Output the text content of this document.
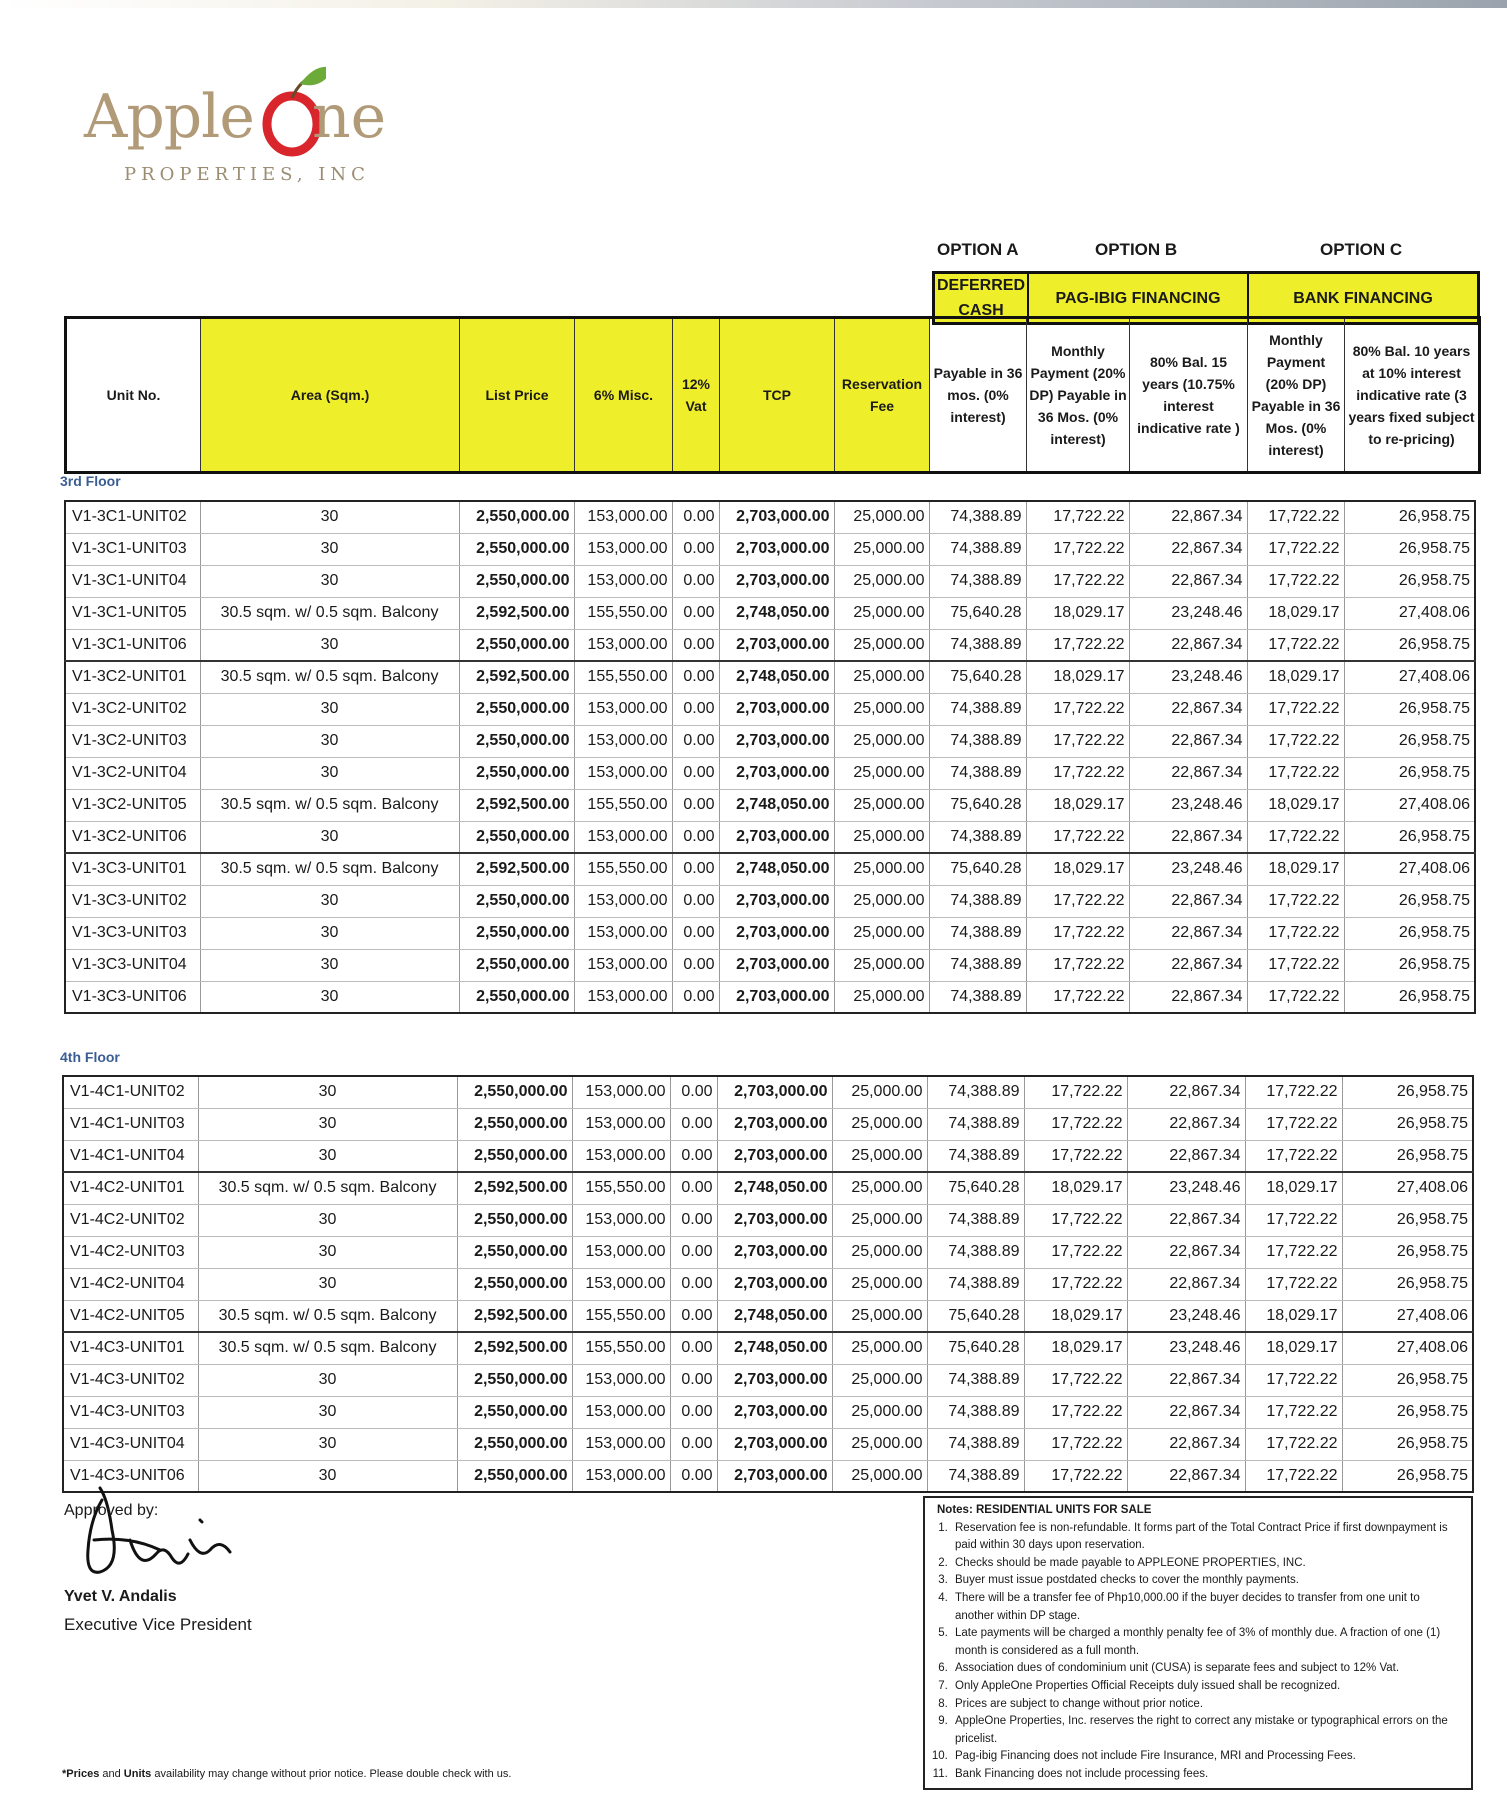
Apple ne
PROPERTIES, INC
OPTION A	OPTION B	OPTION C
DEFERRED CASH
PAG-IBIG FINANCING	BANK FINANCING
Unit No.	Area (Sqm.)	List Price	6% Misc.	12% Vat	TCP	Reservation Fee	Payable in 36 mos. (0% interest)	Monthly Payment (20% DP) Payable in 36 Mos. (0% interest)	80% Bal. 15 years (10.75% interest indicative rate )	Monthly Payment (20% DP) Payable in 36 Mos. (0% interest)	80% Bal. 10 years at 10% interest indicative rate (3 years fixed subject to re-pricing)
3rd Floor
V1-3C1-UNIT02	30	2,550,000.00	153,000.00	0.00	2,703,000.00	25,000.00	74,388.89	17,722.22	22,867.34	17,722.22	26,958.75
V1-3C1-UNIT03	30	2,550,000.00	153,000.00	0.00	2,703,000.00	25,000.00	74,388.89	17,722.22	22,867.34	17,722.22	26,958.75
V1-3C1-UNIT04	30	2,550,000.00	153,000.00	0.00	2,703,000.00	25,000.00	74,388.89	17,722.22	22,867.34	17,722.22	26,958.75
V1-3C1-UNIT05	30.5 sqm. w/ 0.5 sqm. Balcony	2,592,500.00	155,550.00	0.00	2,748,050.00	25,000.00	75,640.28	18,029.17	23,248.46	18,029.17	27,408.06
V1-3C1-UNIT06	30	2,550,000.00	153,000.00	0.00	2,703,000.00	25,000.00	74,388.89	17,722.22	22,867.34	17,722.22	26,958.75
V1-3C2-UNIT01	30.5 sqm. w/ 0.5 sqm. Balcony	2,592,500.00	155,550.00	0.00	2,748,050.00	25,000.00	75,640.28	18,029.17	23,248.46	18,029.17	27,408.06
V1-3C2-UNIT02	30	2,550,000.00	153,000.00	0.00	2,703,000.00	25,000.00	74,388.89	17,722.22	22,867.34	17,722.22	26,958.75
V1-3C2-UNIT03	30	2,550,000.00	153,000.00	0.00	2,703,000.00	25,000.00	74,388.89	17,722.22	22,867.34	17,722.22	26,958.75
V1-3C2-UNIT04	30	2,550,000.00	153,000.00	0.00	2,703,000.00	25,000.00	74,388.89	17,722.22	22,867.34	17,722.22	26,958.75
V1-3C2-UNIT05	30.5 sqm. w/ 0.5 sqm. Balcony	2,592,500.00	155,550.00	0.00	2,748,050.00	25,000.00	75,640.28	18,029.17	23,248.46	18,029.17	27,408.06
V1-3C2-UNIT06	30	2,550,000.00	153,000.00	0.00	2,703,000.00	25,000.00	74,388.89	17,722.22	22,867.34	17,722.22	26,958.75
V1-3C3-UNIT01	30.5 sqm. w/ 0.5 sqm. Balcony	2,592,500.00	155,550.00	0.00	2,748,050.00	25,000.00	75,640.28	18,029.17	23,248.46	18,029.17	27,408.06
V1-3C3-UNIT02	30	2,550,000.00	153,000.00	0.00	2,703,000.00	25,000.00	74,388.89	17,722.22	22,867.34	17,722.22	26,958.75
V1-3C3-UNIT03	30	2,550,000.00	153,000.00	0.00	2,703,000.00	25,000.00	74,388.89	17,722.22	22,867.34	17,722.22	26,958.75
V1-3C3-UNIT04	30	2,550,000.00	153,000.00	0.00	2,703,000.00	25,000.00	74,388.89	17,722.22	22,867.34	17,722.22	26,958.75
V1-3C3-UNIT06	30	2,550,000.00	153,000.00	0.00	2,703,000.00	25,000.00	74,388.89	17,722.22	22,867.34	17,722.22	26,958.75
4th Floor
V1-4C1-UNIT02	30	2,550,000.00	153,000.00	0.00	2,703,000.00	25,000.00	74,388.89	17,722.22	22,867.34	17,722.22	26,958.75
V1-4C1-UNIT03	30	2,550,000.00	153,000.00	0.00	2,703,000.00	25,000.00	74,388.89	17,722.22	22,867.34	17,722.22	26,958.75
V1-4C1-UNIT04	30	2,550,000.00	153,000.00	0.00	2,703,000.00	25,000.00	74,388.89	17,722.22	22,867.34	17,722.22	26,958.75
V1-4C2-UNIT01	30.5 sqm. w/ 0.5 sqm. Balcony	2,592,500.00	155,550.00	0.00	2,748,050.00	25,000.00	75,640.28	18,029.17	23,248.46	18,029.17	27,408.06
V1-4C2-UNIT02	30	2,550,000.00	153,000.00	0.00	2,703,000.00	25,000.00	74,388.89	17,722.22	22,867.34	17,722.22	26,958.75
V1-4C2-UNIT03	30	2,550,000.00	153,000.00	0.00	2,703,000.00	25,000.00	74,388.89	17,722.22	22,867.34	17,722.22	26,958.75
V1-4C2-UNIT04	30	2,550,000.00	153,000.00	0.00	2,703,000.00	25,000.00	74,388.89	17,722.22	22,867.34	17,722.22	26,958.75
V1-4C2-UNIT05	30.5 sqm. w/ 0.5 sqm. Balcony	2,592,500.00	155,550.00	0.00	2,748,050.00	25,000.00	75,640.28	18,029.17	23,248.46	18,029.17	27,408.06
V1-4C3-UNIT01	30.5 sqm. w/ 0.5 sqm. Balcony	2,592,500.00	155,550.00	0.00	2,748,050.00	25,000.00	75,640.28	18,029.17	23,248.46	18,029.17	27,408.06
V1-4C3-UNIT02	30	2,550,000.00	153,000.00	0.00	2,703,000.00	25,000.00	74,388.89	17,722.22	22,867.34	17,722.22	26,958.75
V1-4C3-UNIT03	30	2,550,000.00	153,000.00	0.00	2,703,000.00	25,000.00	74,388.89	17,722.22	22,867.34	17,722.22	26,958.75
V1-4C3-UNIT04	30	2,550,000.00	153,000.00	0.00	2,703,000.00	25,000.00	74,388.89	17,722.22	22,867.34	17,722.22	26,958.75
V1-4C3-UNIT06	30	2,550,000.00	153,000.00	0.00	2,703,000.00	25,000.00	74,388.89	17,722.22	22,867.34	17,722.22	26,958.75
Approved by:
Yvet V. Andalis
Executive Vice President
*Prices and Units availability may change without prior notice. Please double check with us.
Notes: RESIDENTIAL UNITS FOR SALE
1. Reservation fee is non-refundable. It forms part of the Total Contract Price if first downpayment is paid within 30 days upon reservation.
2. Checks should be made payable to APPLEONE PROPERTIES, INC.
3. Buyer must issue postdated checks to cover the monthly payments.
4. There will be a transfer fee of Php10,000.00 if the buyer decides to transfer from one unit to another within DP stage.
5. Late payments will be charged a monthly penalty fee of 3% of monthly due. A fraction of one (1) month is considered as a full month.
6. Association dues of condominium unit (CUSA) is separate fees and subject to 12% Vat.
7. Only AppleOne Properties Official Receipts duly issued shall be recognized.
8. Prices are subject to change without prior notice.
9. AppleOne Properties, Inc. reserves the right to correct any mistake or typographical errors on the pricelist.
10. Pag-ibig Financing does not include Fire Insurance, MRI and Processing Fees.
11. Bank Financing does not include processing fees.
